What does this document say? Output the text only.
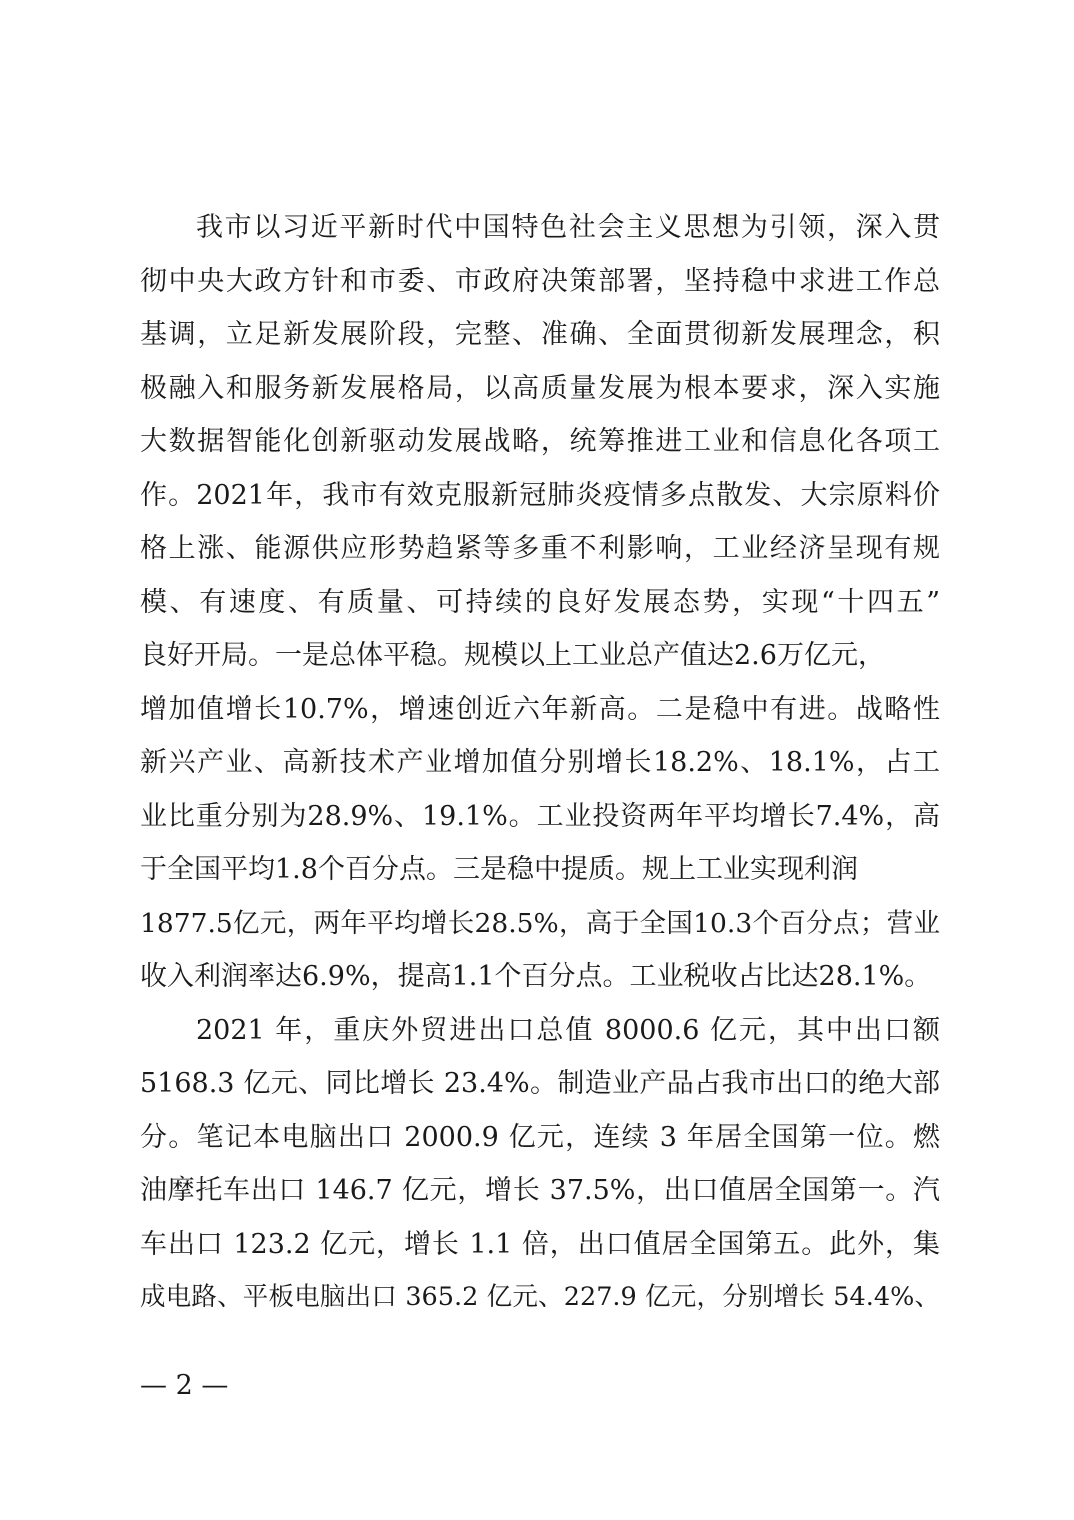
我市以习近平新时代中国特色社会主义思想为引领，深入贯
彻中央大政方针和市委、市政府决策部署，坚持稳中求进工作总
基调，立足新发展阶段，完整、准确、全面贯彻新发展理念，积
极融入和服务新发展格局，以高质量发展为根本要求，深入实施
大数据智能化创新驱动发展战略，统筹推进工业和信息化各项工
作。2021年，我市有效克服新冠肺炎疫情多点散发、大宗原料价
格上涨、能源供应形势趋紧等多重不利影响，工业经济呈现有规
模、有速度、有质量、可持续的良好发展态势，实现“十四五”
良好开局。一是总体平稳。规模以上工业总产值达2.6万亿元，
增加值增长10.7%，增速创近六年新高。二是稳中有进。战略性
新兴产业、高新技术产业增加值分别增长18.2%、18.1%，占工
业比重分别为28.9%、19.1%。工业投资两年平均增长7.4%，高
于全国平均1.8个百分点。三是稳中提质。规上工业实现利润
1877.5亿元，两年平均增长28.5%，高于全国10.3个百分点；营业
收入利润率达6.9%，提高1.1个百分点。工业税收占比达28.1%。
2021 年，重庆外贸进出口总值 8000.6 亿元，其中出口额
5168.3 亿元、同比增长 23.4%。制造业产品占我市出口的绝大部
分。笔记本电脑出口 2000.9 亿元，连续 3 年居全国第一位。燃
油摩托车出口 146.7 亿元，增长 37.5%，出口值居全国第一。汽
车出口 123.2 亿元，增长 1.1 倍，出口值居全国第五。此外，集
成电路、平板电脑出口 365.2 亿元、227.9 亿元，分别增长 54.4%、
— 2 —
